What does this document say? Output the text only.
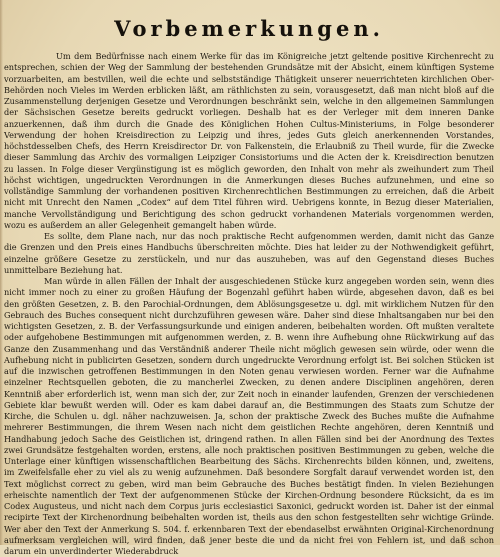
Vorbemerkungen.

Um dem Bedürfnisse nach einem Werke für das im Königreiche jetzt geltende positive Kirchenrecht zu entsprechen, schien der Weg der Sammlung der bestehenden Grundsätze mit der Absicht, einem künftigen Systeme vorzuarbeiten, am bestvillen, weil die echte und selbstständige Thätigkeit unserer neuerrichteten kirchlichen Ober-Behörden noch Vieles im Werden erblicken läßt, am räthlichsten zu sein, vorausgesetzt, daß man nicht bloß auf die Zusammenstellung derjenigen Gesetze und Verordnungen beschränkt sein, welche in den allgemeinen Sammlungen der Sächsischen Gesetze bereits gedruckt vorliegen. Deshalb hat es der Verleger mit dem inneren Danke anzuerkennen, daß ihm durch die Gnade des Königlichen Hohen Cultus-Ministeriums, in Folge besonderer Verwendung der hohen Kreisdirection zu Leipzig und ihres, jedes Guts gleich anerkennenden Vorstandes, höchstdesselben Chefs, des Herrn Kreisdirector Dr. von Falkenstein, die Erlaubniß zu Theil wurde, für die Zwecke dieser Sammlung das Archiv des vormaligen Leipziger Consistoriums und die Acten der k. Kreisdirection benutzen zu lassen. In Folge dieser Vergünstigung ist es möglich geworden, den Inhalt von mehr als zweihundert zum Theil höchst wichtigen, ungedruckten Verordnungen in die Anmerkungen dieses Buches aufzunehmen, und eine so vollständige Sammlung der vorhandenen positiven Kirchenrechtlichen Bestimmungen zu erreichen, daß die Arbeit nicht mit Unrecht den Namen „Codex“ auf dem Titel führen wird. Uebrigens konnte, in Bezug dieser Materialien, manche Vervollständigung und Berichtigung des schon gedruckt vorhandenen Materials vorgenommen werden, wozu es außerdem an aller Gelegenheit gemangelt haben würde.

Es sollte, dem Plane nach, nur das noch praktische Recht aufgenommen werden, damit nicht das Ganze die Grenzen und den Preis eines Handbuchs überschreiten möchte. Dies hat leider zu der Nothwendigkeit geführt, einzelne größere Gesetze zu zerstückeln, und nur das auszuheben, was auf den Gegenstand dieses Buches unmittelbare Beziehung hat.

Man würde in allen Fällen der Inhalt der ausgeschiedenen Stücke kurz angegeben worden sein, wenn dies nicht immer noch zu einer zu großen Häufung der Bogenzahl geführt haben würde, abgesehen davon, daß es bei den größten Gesetzen, z. B. den Parochial-Ordnungen, dem Ablösungsgesetze u. dgl. mit wirklichem Nutzen für den Gebrauch des Buches consequent nicht durchzuführen gewesen wäre. Daher sind diese Inhaltsangaben nur bei den wichtigsten Gesetzen, z. B. der Verfassungsurkunde und einigen anderen, beibehalten worden. Oft mußten veraltete oder aufgehobene Bestimmungen mit aufgenommen werden, z. B. wenn ihre Aufhebung ohne Rückwirkung auf das Ganze den Zusammenhang und das Verständniß anderer Theile nicht möglich gewesen sein würde, oder wenn die Aufhebung nicht in publicirten Gesetzen, sondern durch ungedruckte Verordnung erfolgt ist. Bei solchen Stücken ist auf die inzwischen getroffenen Bestimmungen in den Noten genau verwiesen worden. Ferner war die Aufnahme einzelner Rechtsquellen geboten, die zu mancherlei Zwecken, zu denen andere Disciplinen angehören, deren Kenntniß aber erforderlich ist, wenn man sich der, zur Zeit noch in einander laufenden, Grenzen der verschiedenen Gebiete klar bewußt werden will. Oder es kam dabei darauf an, die Bestimmungen des Staats zum Schutze der Kirche, die Schulen u. dgl. näher nachzuweisen. Ja, schon der praktische Zweck des Buches mußte die Aufnahme mehrerer Bestimmungen, die ihrem Wesen nach nicht dem geistlichen Rechte angehören, deren Kenntniß und Handhabung jedoch Sache des Geistlichen ist, dringend rathen. In allen Fällen sind bei der Anordnung des Textes zwei Grundsätze festgehalten worden, erstens, alle noch praktischen positiven Bestimmungen zu geben, welche die Unterlage einer künftigen wissenschaftlichen Bearbeitung des Sächs. Kirchenrechts bilden können, und, zweitens, im Zweifelsfalle eher zu viel als zu wenig aufzunehmen. Daß besondere Sorgfalt darauf verwendet worden ist, den Text möglichst correct zu geben, wird man beim Gebrauche des Buches bestätigt finden. In vielen Beziehungen erheischte namentlich der Text der aufgenommenen Stücke der Kirchen-Ordnung besondere Rücksicht, da es im Codex Augusteus, und nicht nach dem Corpus juris ecclesiastici Saxonici, gedruckt worden ist. Daher ist der einmal recipirte Text der Kirchenordnung beibehalten worden ist, theils aus den schon festgestellten sehr wichtige Gründe. Wer aber den Text der Anmerkung S. 504. f. erkennbaren Text der ebendaselbst erwähnten Original-Kirchenordnung aufmerksam vergleichen will, wird finden, daß jener beste die und da nicht frei von Fehlern ist, und daß schon darum ein unverdinderter Wiederabdruck
